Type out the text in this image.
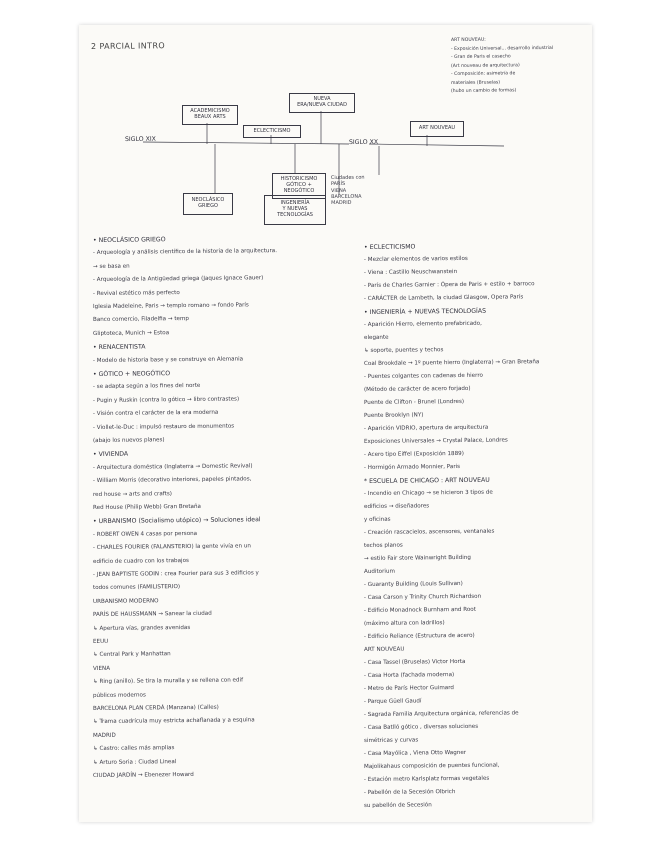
2 PARCIAL INTRO
ART NOUVEAU:
- Exposición Universal... desarrollo industrial
- Gran de Paris el casecho
(Art nouveau de arquitectura)
- Composición: asimetría de
materiales (Bruselas)
(hubo un cambio de formas)
SIGLO XIX	SIGLO XX
ACADEMICISMO
BEAUX ARTS
NUEVA
ERA/NUEVA CIUDAD
ECLECTICISMO	ART NOUVEAU
HISTORICISMO
GÓTICO +
NEOGÓTICO
NEOCLÁSICO
GRIEGO	INGENIERÍA
Y NUEVAS
TECNOLOGÍAS
Ciudades con
PARÍS
VIENA
BARCELONA
MADRID
• NEOCLÁSICO GRIEGO
- Arqueología y análisis científico de la historia de la arquitectura.
→ se basa en
- Arqueología de la Antigüedad griega (Jaques Ignace Gauer)
- Revival estético más perfecto
Iglesia Madeleine, Paris → templo romano → fondo París
Banco comercio, Filadelfia → temp
Gliptoteca, Munich → Estoa
• RENACENTISTA
- Modelo de historia base y se construye en Alemania
• GÓTICO + NEOGÓTICO
- se adapta según a los fines del norte
- Pugin y Ruskin (contra lo gótico → libro contrastes)
- Visión contra el carácter de la era moderna
- Viollet-le-Duc : impulsó restauro de monumentos
(abajo los nuevos planes)
• VIVIENDA
- Arquitectura doméstica (Inglaterra → Domestic Revival)
- William Morris (decorativo interiores, papeles pintados,
red house → arts and crafts)
Red House (Philip Webb) Gran Bretaña
• URBANISMO (Socialismo utópico) → Soluciones ideal
- ROBERT OWEN 4 casas por persona
- CHARLES FOURIER (FALANSTERIO) la gente vivía en un
edificio de cuadro con los trabajos
- JEAN BAPTISTE GODIN : crea Fourier para sus 3 edificios y
todos comunes (FAMILISTERIO)
URBANISMO MODERNO
PARÍS DE HAUSSMANN → Sanear la ciudad
↳ Apertura vías, grandes avenidas
EEUU
↳ Central Park y Manhattan
VIENA
↳ Ring (anillo). Se tira la muralla y se rellena con edif
públicos modernos
BARCELONA PLAN CERDÁ (Manzana) (Calles)
↳ Trama cuadrícula muy estricta achaflanada y a esquina
MADRID
↳ Castro: calles más amplias
↳ Arturo Soria : Ciudad Lineal
CIUDAD JARDÍN → Ebenezer Howard
• ECLECTICISMO
- Mezclar elementos de varios estilos
- Viena : Castillo Neuschwanstein
- París de Charles Garnier : Ópera de Paris + estilo + barroco
- CARÁCTER de Lambeth, la ciudad Glasgow, Opera París
• INGENIERÍA + NUEVAS TECNOLOGÍAS
- Aparición Hierro, elemento prefabricado,
elegante
↳ soporte, puentes y techos
Coal Brookdale → 1º puente hierro (Inglaterra) → Gran Bretaña
- Puentes colgantes con cadenas de hierro
(Método de carácter de acero forjado)
Puente de Clifton - Brunel (Londres)
Puente Brooklyn (NY)
- Aparición VIDRIO, apertura de arquitectura
Exposiciones Universales → Crystal Palace, Londres
- Acero tipo Eiffel (Exposición 1889)
- Hormigón Armado Monnier, Paris
* ESCUELA DE CHICAGO : ART NOUVEAU
- Incendio en Chicago → se hicieron 3 tipos de
edificios → diseñadores
y oficinas
- Creación rascacielos, ascensores, ventanales
techos planos
→ estilo Fair store Wainwright Building
Auditorium
- Guaranty Building (Louis Sullivan)
- Casa Carson y Trinity Church Richardson
- Edificio Monadnock Burnham and Root
(máximo altura con ladrillos)
- Edificio Reliance (Estructura de acero)
ART NOUVEAU
- Casa Tassel (Bruselas) Victor Horta
- Casa Horta (fachada moderna)
- Metro de París Hector Guimard
- Parque Güell Gaudí
- Sagrada Familia Arquitectura orgánica, referencias de
- Casa Batlló gótico , diversas soluciones
simétricas y curvas
- Casa Mayólica , Viena Otto Wagner
Majolikahaus composición de puentes funcional,
- Estación metro Karlsplatz formas vegetales
- Pabellón de la Secesión Olbrich
su pabellón de Secesión
